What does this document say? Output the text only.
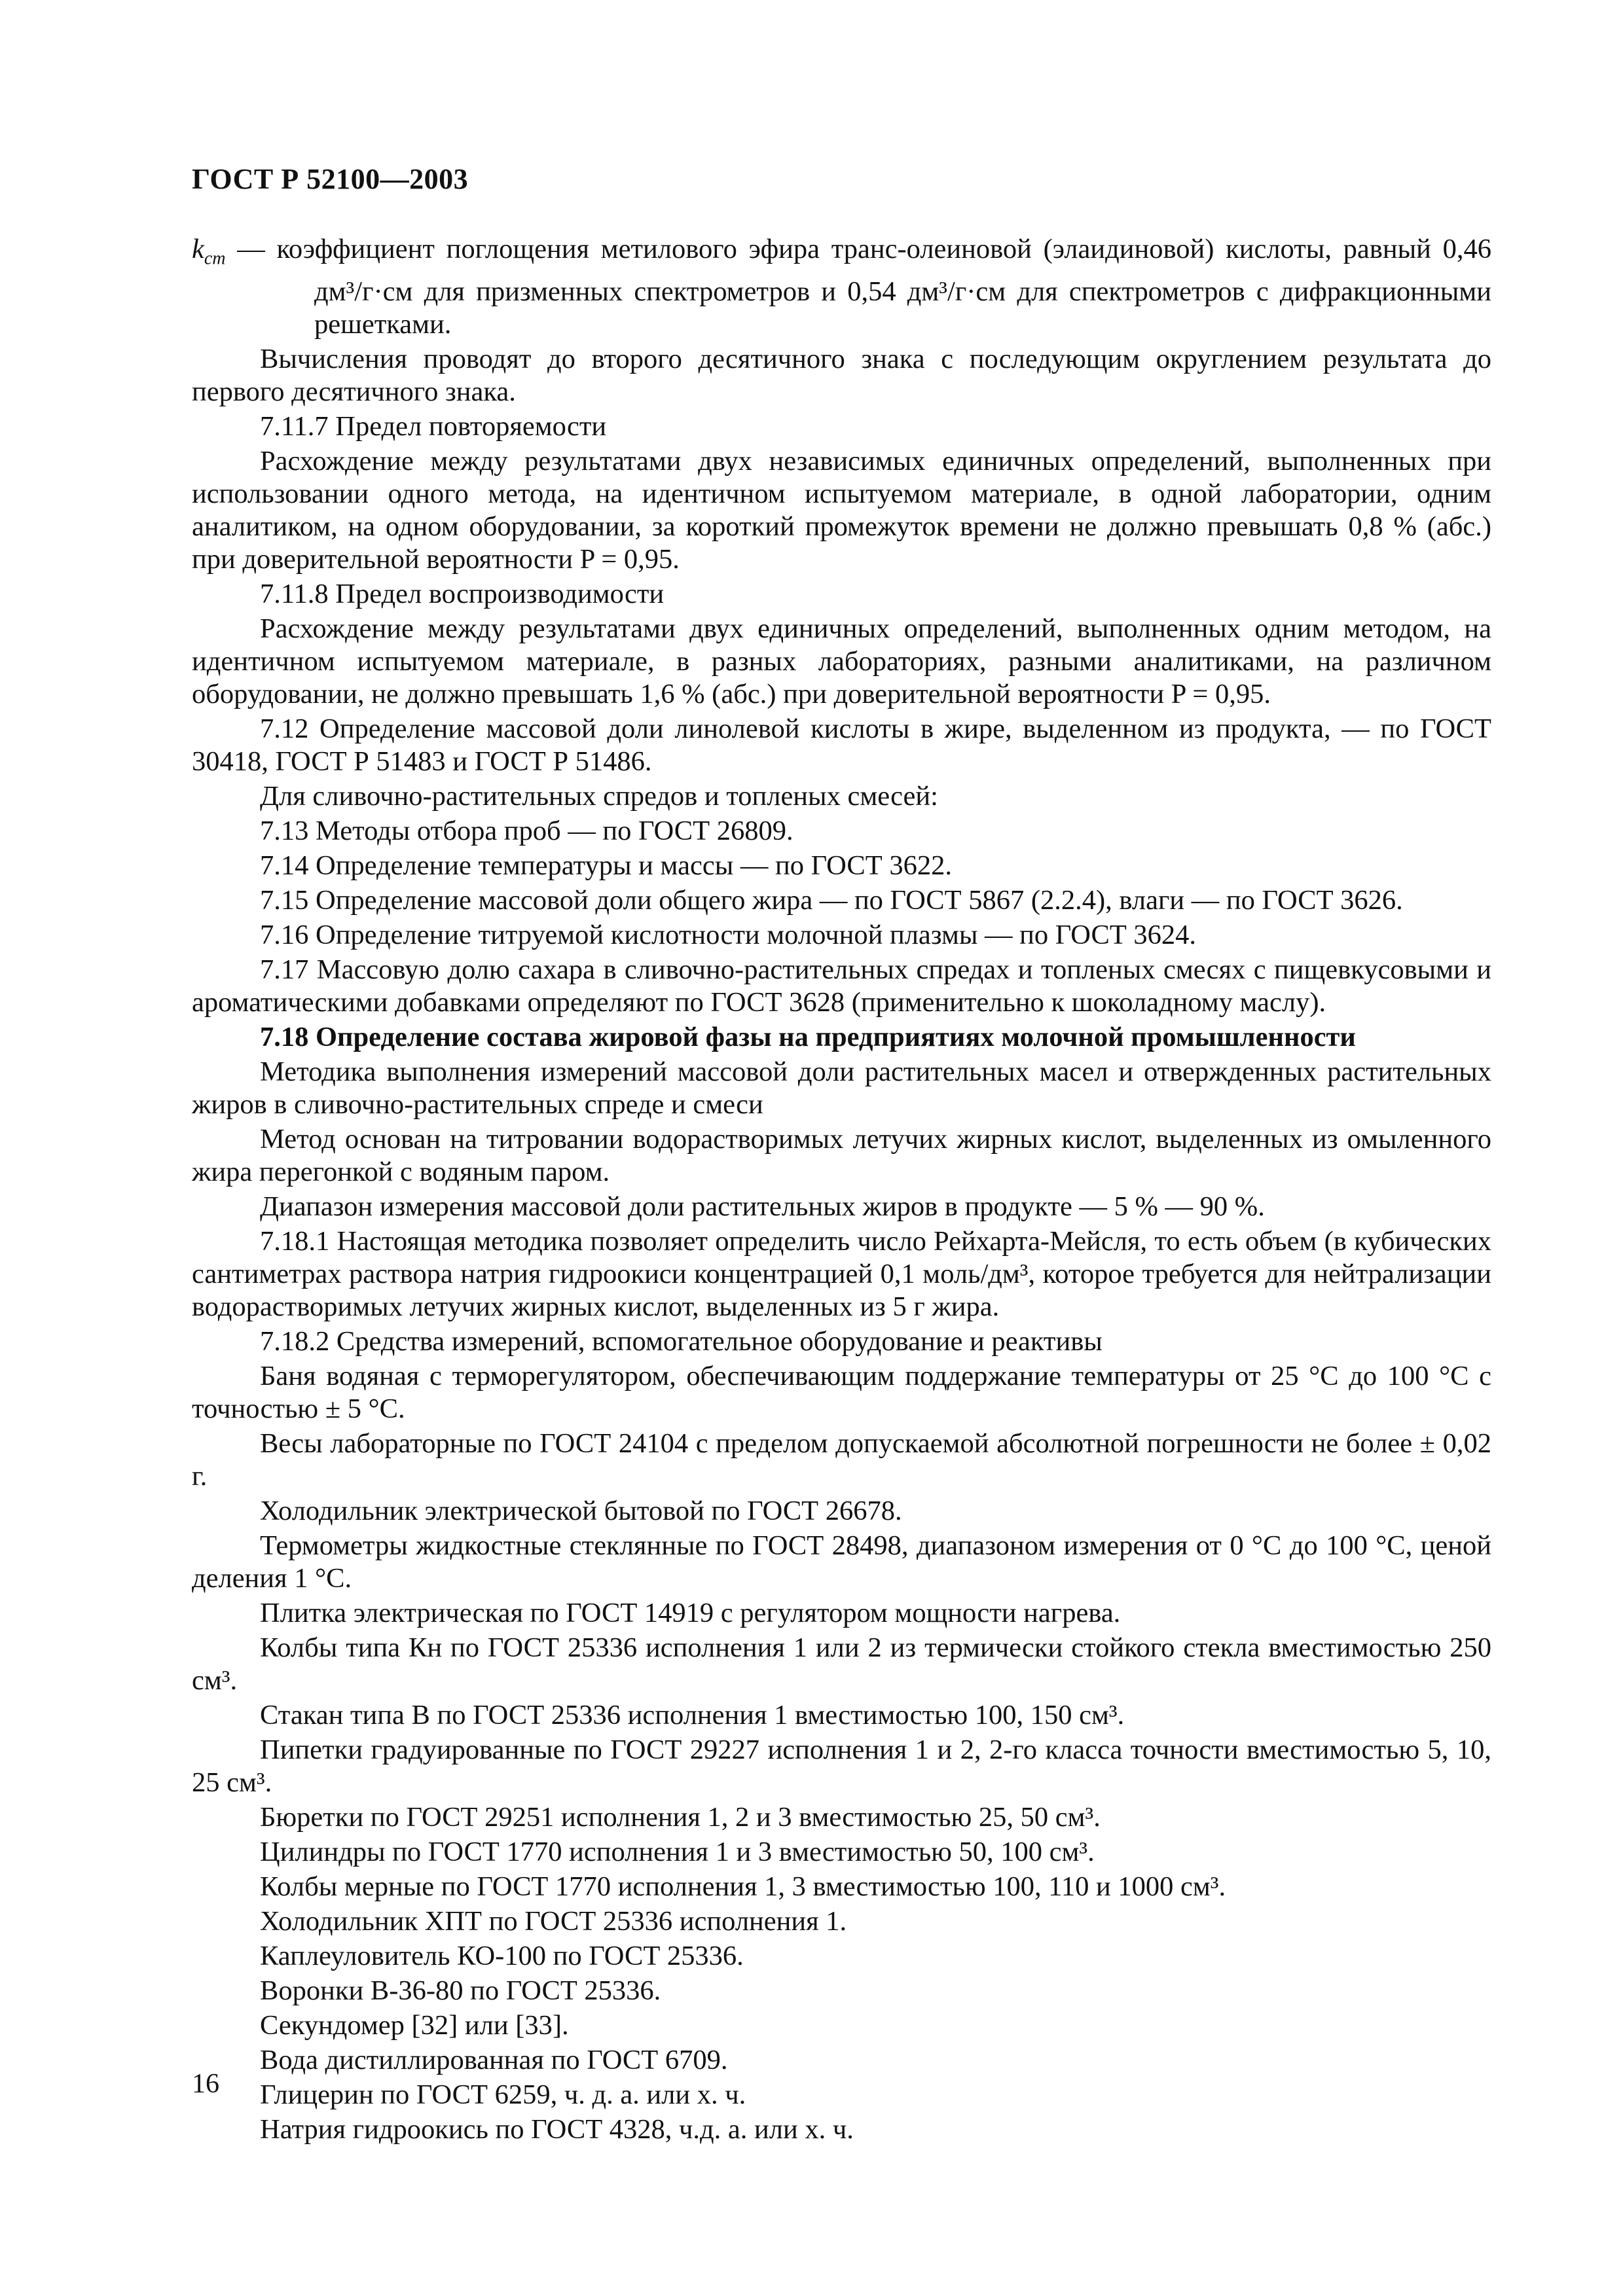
ГОСТ Р 52100—2003

$k_{cm}$ — коэффициент поглощения метилового эфира транс-олеиновой (элаидиновой) кислоты, равный 0,46 дм³/г·см для призменных спектрометров и 0,54 дм³/г·см для спектрометров с дифракционными решетками.

Вычисления проводят до второго десятичного знака с последующим округлением результата до первого десятичного знака.

7.11.7 Предел повторяемости

Расхождение между результатами двух независимых единичных определений, выполненных при использовании одного метода, на идентичном испытуемом материале, в одной лаборатории, одним аналитиком, на одном оборудовании, за короткий промежуток времени не должно превышать 0,8 % (абс.) при доверительной вероятности P = 0,95.

7.11.8 Предел воспроизводимости

Расхождение между результатами двух единичных определений, выполненных одним методом, на идентичном испытуемом материале, в разных лабораториях, разными аналитиками, на различном оборудовании, не должно превышать 1,6 % (абс.) при доверительной вероятности P = 0,95.

7.12 Определение массовой доли линолевой кислоты в жире, выделенном из продукта, — по ГОСТ 30418, ГОСТ Р 51483 и ГОСТ Р 51486.

Для сливочно-растительных спредов и топленых смесей:

7.13 Методы отбора проб — по ГОСТ 26809.

7.14 Определение температуры и массы — по ГОСТ 3622.

7.15 Определение массовой доли общего жира — по ГОСТ 5867 (2.2.4), влаги — по ГОСТ 3626.

7.16 Определение титруемой кислотности молочной плазмы — по ГОСТ 3624.

7.17 Массовую долю сахара в сливочно-растительных спредах и топленых смесях с пищевкусовыми и ароматическими добавками определяют по ГОСТ 3628 (применительно к шоколадному маслу).

7.18 Определение состава жировой фазы на предприятиях молочной промышленности

Методика выполнения измерений массовой доли растительных масел и отвержденных растительных жиров в сливочно-растительных спреде и смеси

Метод основан на титровании водорастворимых летучих жирных кислот, выделенных из омыленного жира перегонкой с водяным паром.

Диапазон измерения массовой доли растительных жиров в продукте — 5 % — 90 %.

7.18.1 Настоящая методика позволяет определить число Рейхарта-Мейсля, то есть объем (в кубических сантиметрах раствора натрия гидроокиси концентрацией 0,1 моль/дм³, которое требуется для нейтрализации водорастворимых летучих жирных кислот, выделенных из 5 г жира.

7.18.2 Средства измерений, вспомогательное оборудование и реактивы

Баня водяная с терморегулятором, обеспечивающим поддержание температуры от 25 °С до 100 °С с точностью ± 5 °С.

Весы лабораторные по ГОСТ 24104 с пределом допускаемой абсолютной погрешности не более ± 0,02 г.

Холодильник электрической бытовой по ГОСТ 26678.

Термометры жидкостные стеклянные по ГОСТ 28498, диапазоном измерения от 0 °С до 100 °С, ценой деления 1 °С.

Плитка электрическая по ГОСТ 14919 с регулятором мощности нагрева.

Колбы типа Кн по ГОСТ 25336 исполнения 1 или 2 из термически стойкого стекла вместимостью 250 см³.

Стакан типа В по ГОСТ 25336 исполнения 1 вместимостью 100, 150 см³.

Пипетки градуированные по ГОСТ 29227 исполнения 1 и 2, 2-го класса точности вместимостью 5, 10, 25 см³.

Бюретки по ГОСТ 29251 исполнения 1, 2 и 3 вместимостью 25, 50 см³.

Цилиндры по ГОСТ 1770 исполнения 1 и 3 вместимостью 50, 100 см³.

Колбы мерные по ГОСТ 1770 исполнения 1, 3 вместимостью 100, 110 и 1000 см³.

Холодильник ХПТ по ГОСТ 25336 исполнения 1.

Каплеуловитель КО-100 по ГОСТ 25336.

Воронки В-36-80 по ГОСТ 25336.

Секундомер [32] или [33].

Вода дистиллированная по ГОСТ 6709.

Глицерин по ГОСТ 6259, ч. д. а. или х. ч.

Натрия гидроокись по ГОСТ 4328, ч.д. а. или х. ч.

16
